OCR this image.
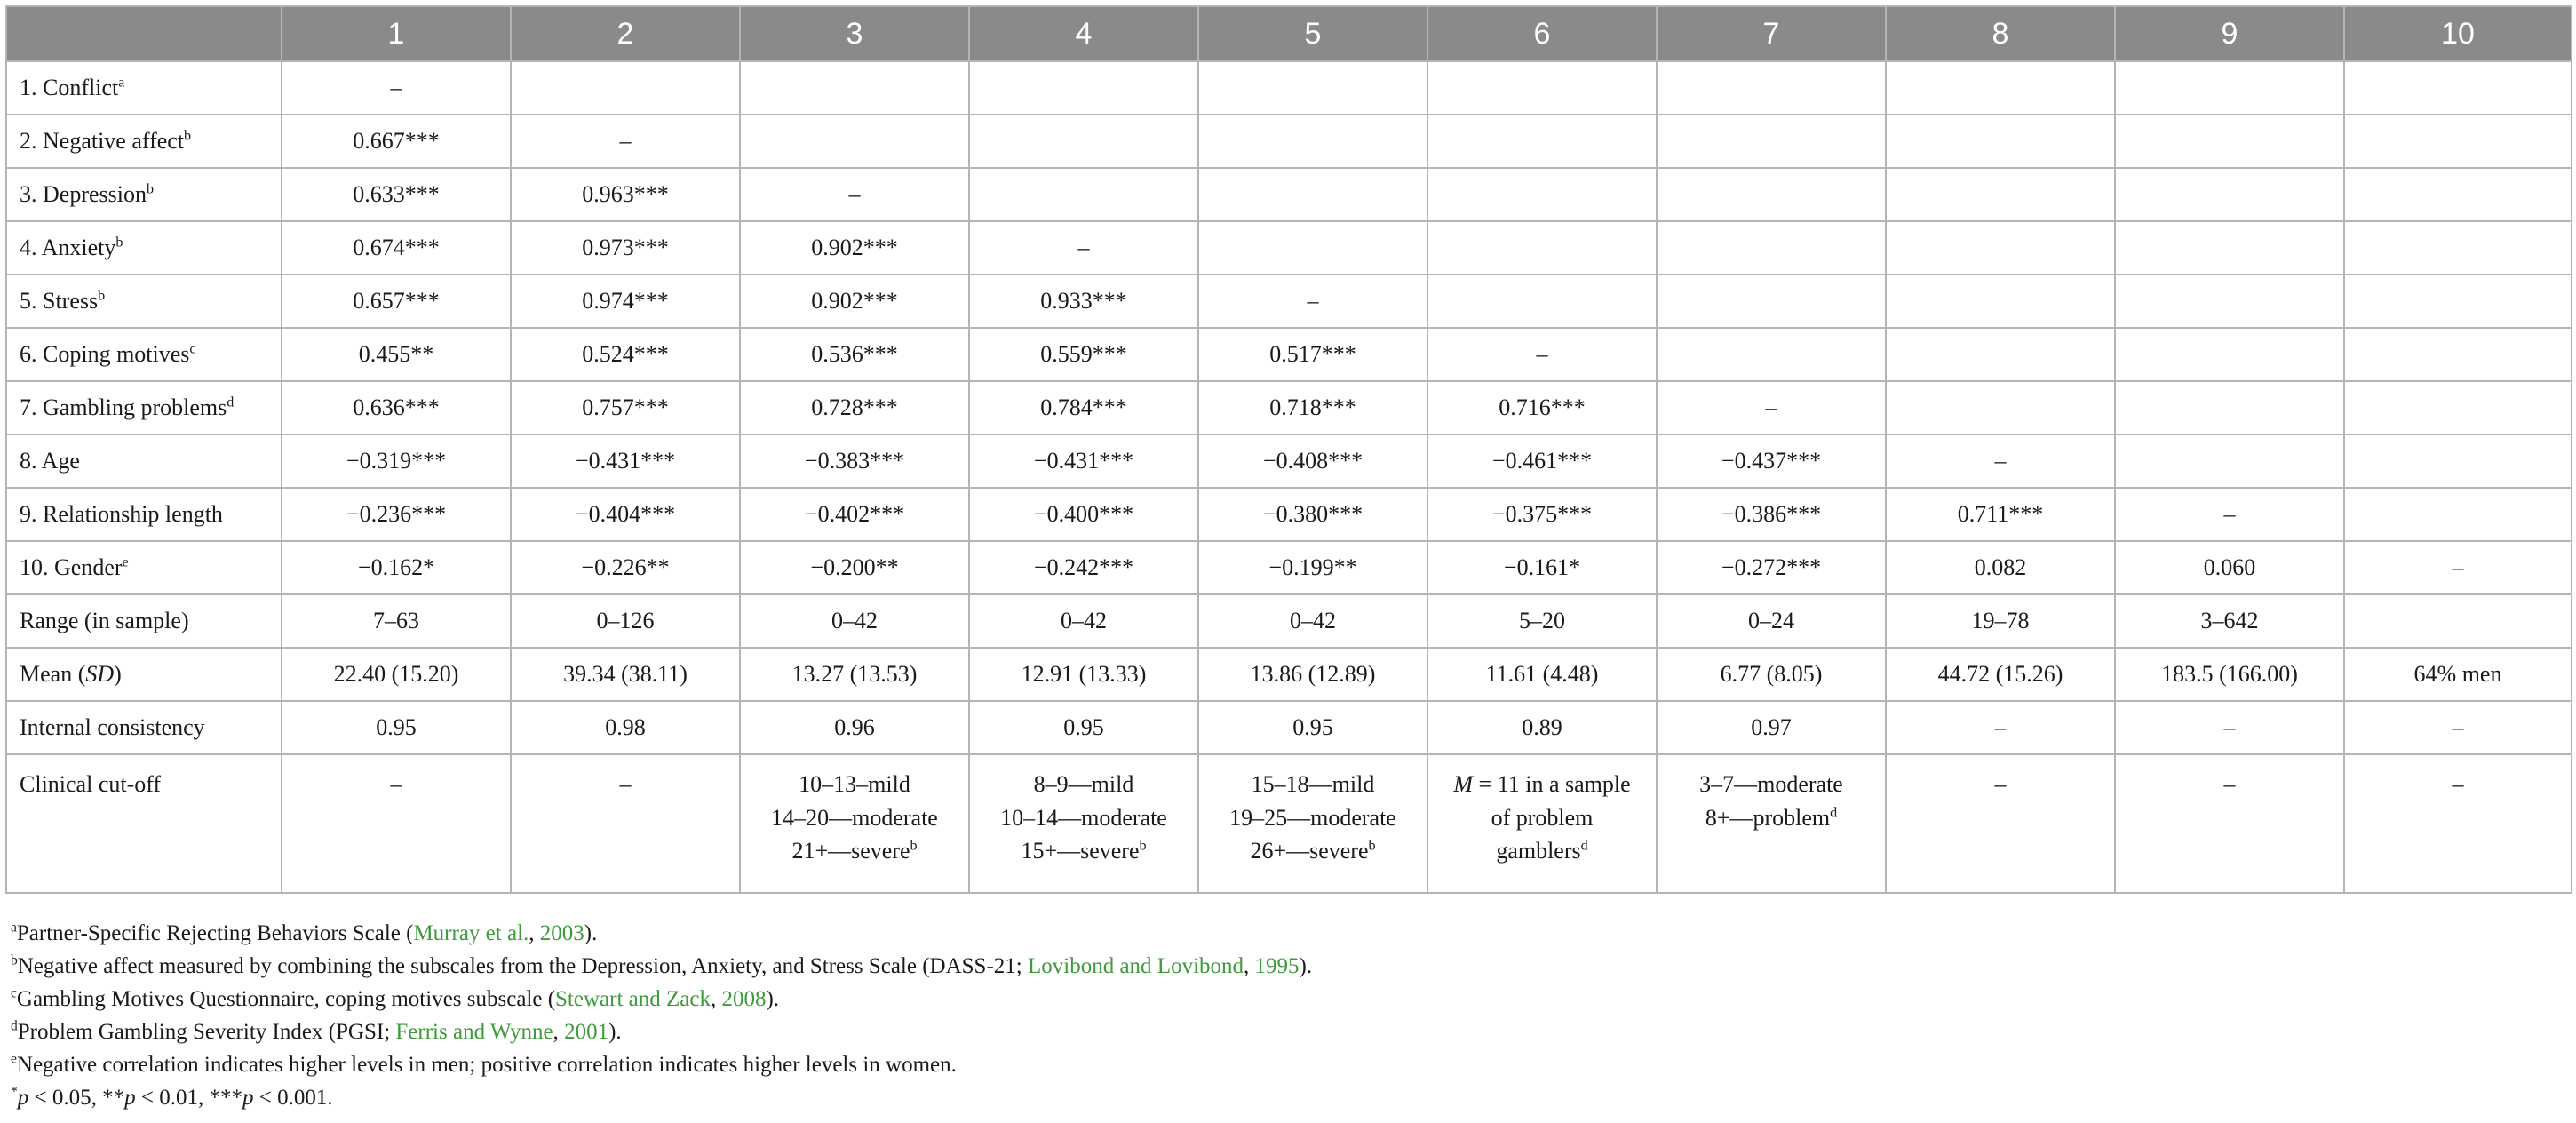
	1	2	3	4	5	6	7	8	9	10
1. Conflict$^a$	–									
2. Negative affect$^b$	0.667***	–								
3. Depression$^b$	0.633***	0.963***	–							
4. Anxiety$^b$	0.674***	0.973***	0.902***	–						
5. Stress$^b$	0.657***	0.974***	0.902***	0.933***	–					
6. Coping motives$^c$	0.455**	0.524***	0.536***	0.559***	0.517***	–				
7. Gambling problems$^d$	0.636***	0.757***	0.728***	0.784***	0.718***	0.716***	–			
8. Age	−0.319***	−0.431***	−0.383***	−0.431***	−0.408***	−0.461***	−0.437***	–		
9. Relationship length	−0.236***	−0.404***	−0.402***	−0.400***	−0.380***	−0.375***	−0.386***	0.711***	–	
10. Gender$^e$	−0.162*	−0.226**	−0.200**	−0.242***	−0.199**	−0.161*	−0.272***	0.082	0.060	–
Range (in sample)	7–63	0–126	0–42	0–42	0–42	5–20	0–24	19–78	3–642	
Mean (SD)	22.40 (15.20)	39.34 (38.11)	13.27 (13.53)	12.91 (13.33)	13.86 (12.89)	11.61 (4.48)	6.77 (8.05)	44.72 (15.26)	183.5 (166.00)	64% men
Internal consistency	0.95	0.98	0.96	0.95	0.95	0.89	0.97	–	–	–
Clinical cut-off	–	–	10–13–mild
14–20—moderate
21+—severe$^b$	8–9—mild
10–14—moderate
15+—severe$^b$	15–18—mild
19–25—moderate
26+—severe$^b$	M = 11 in a sample
of problem
gamblers$^d$	3–7—moderate
8+—problem$^d$	–	–	–
$^a$Partner-Specific Rejecting Behaviors Scale (Murray et al., 2003).
$^b$Negative affect measured by combining the subscales from the Depression, Anxiety, and Stress Scale (DASS-21; Lovibond and Lovibond, 1995).
$^c$Gambling Motives Questionnaire, coping motives subscale (Stewart and Zack, 2008).
$^d$Problem Gambling Severity Index (PGSI; Ferris and Wynne, 2001).
$^e$Negative correlation indicates higher levels in men; positive correlation indicates higher levels in women.
*p < 0.05, **p < 0.01, ***p < 0.001.
